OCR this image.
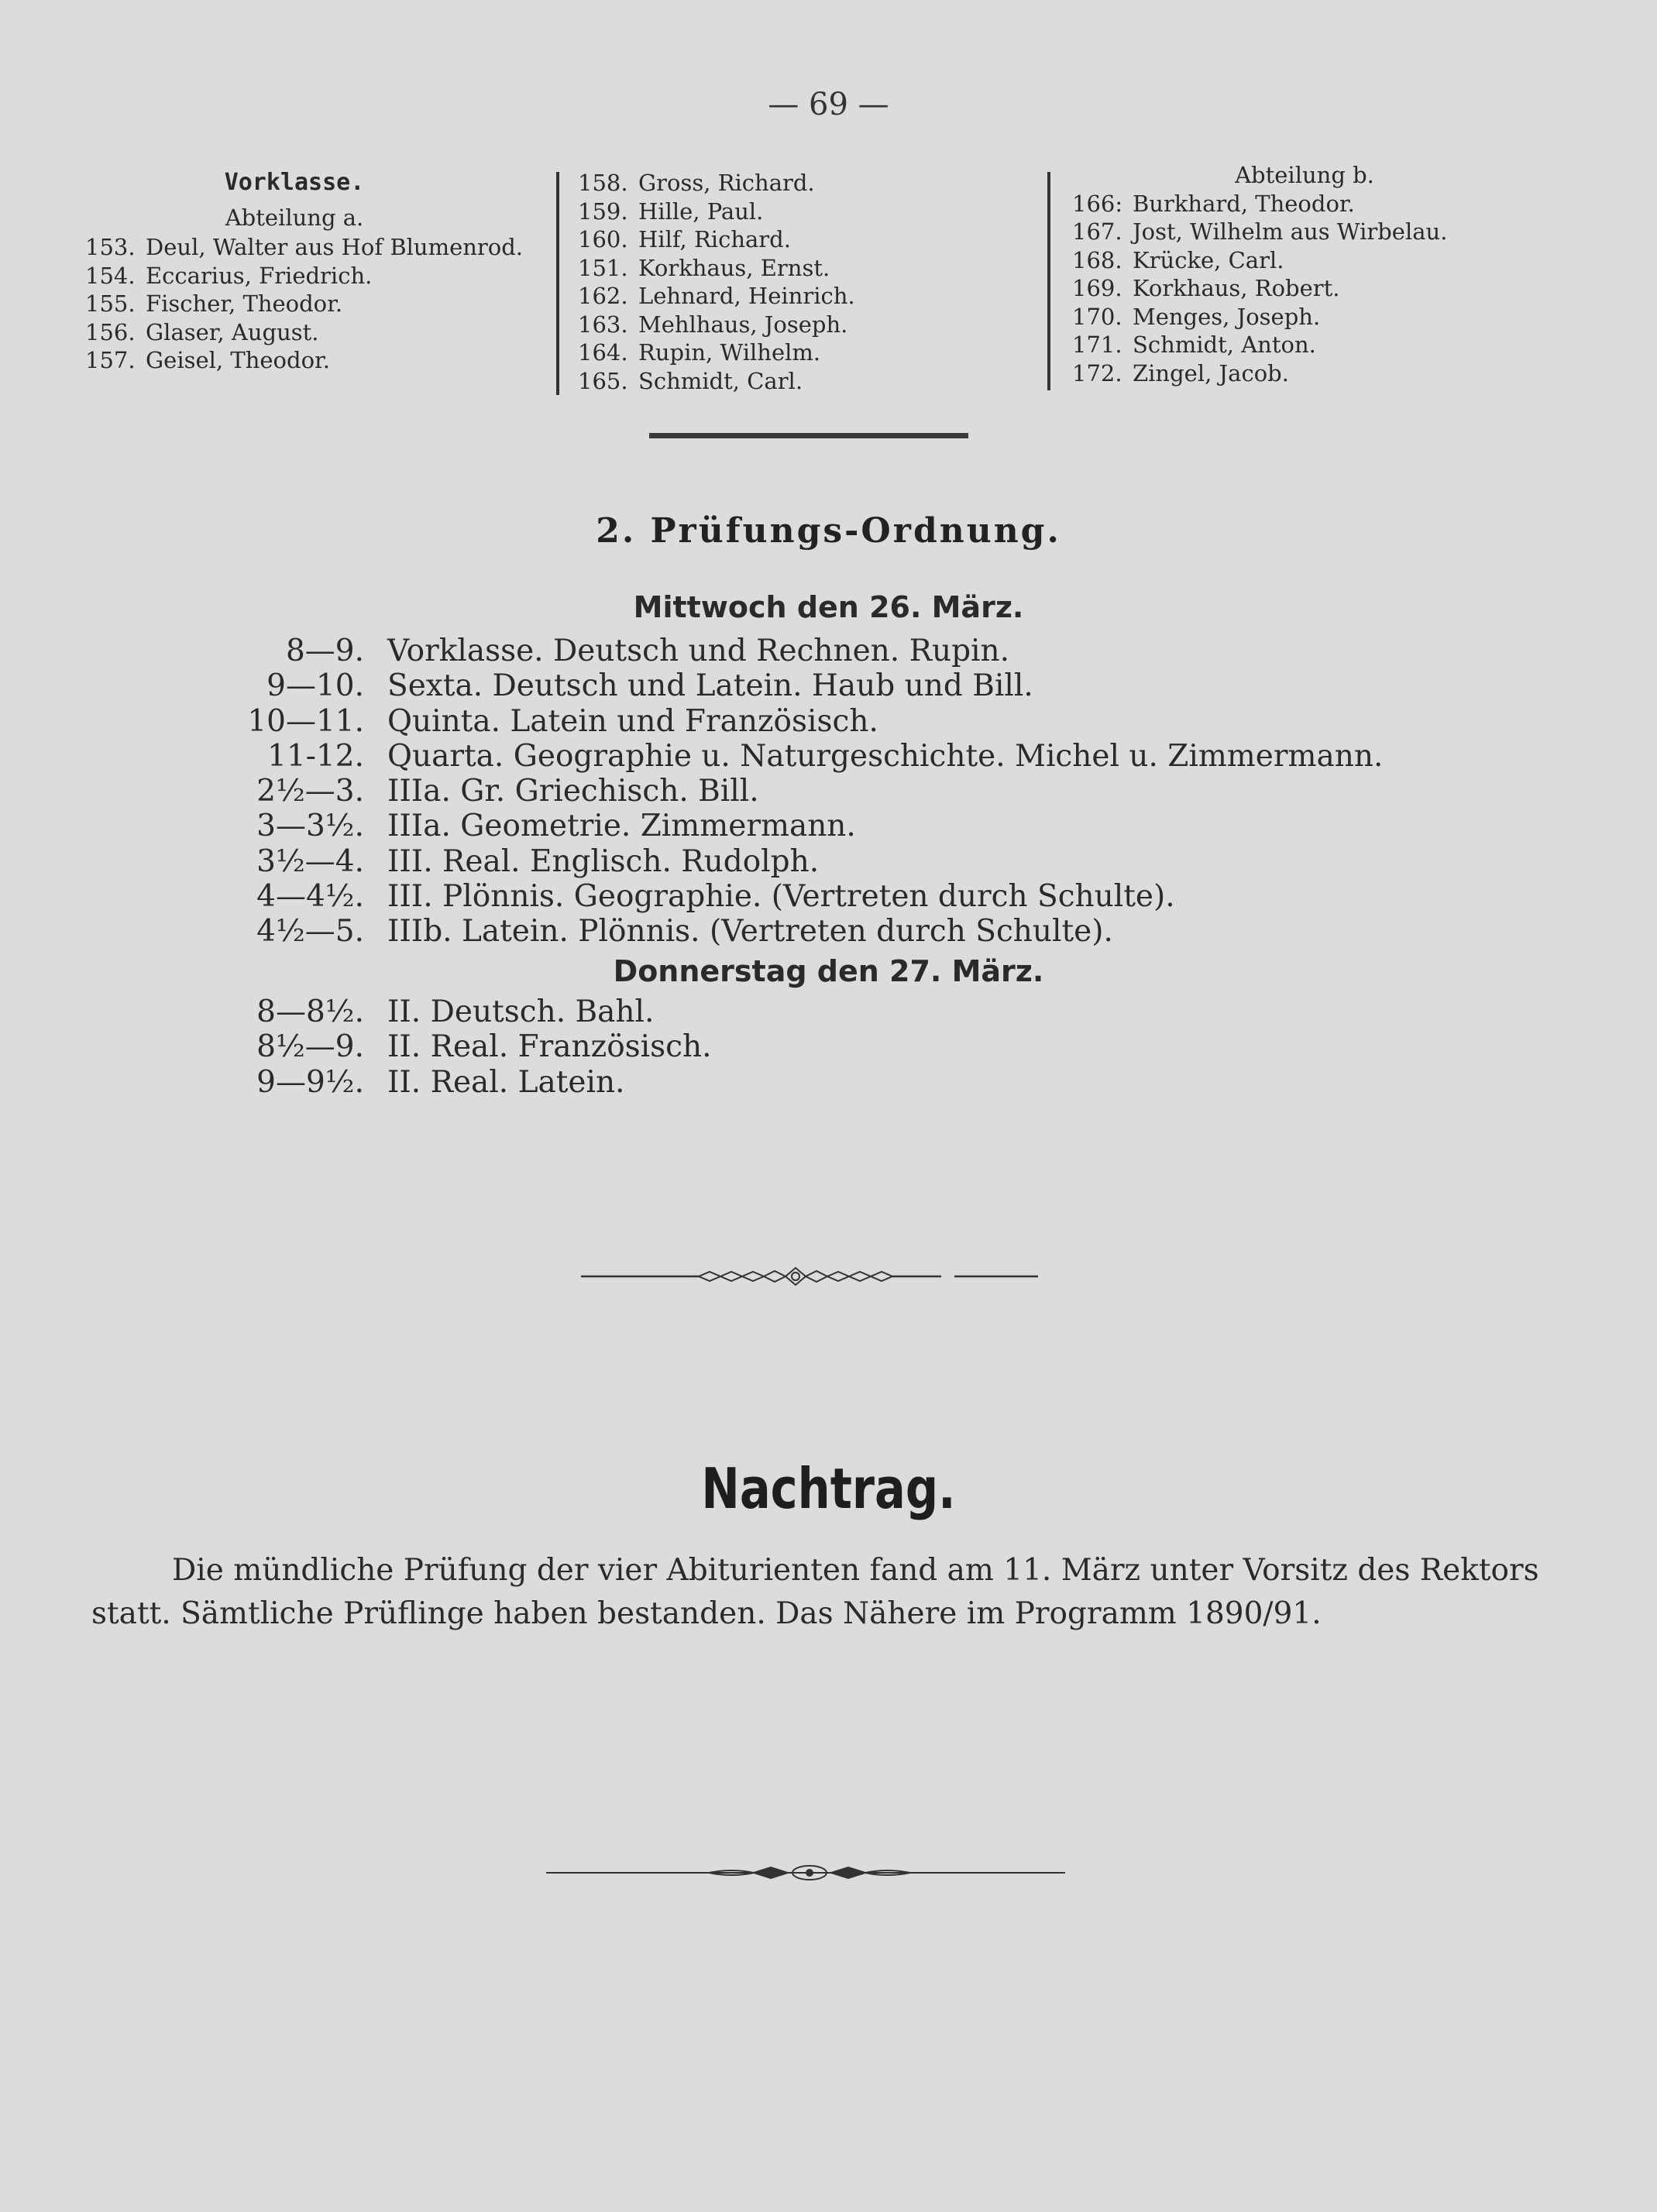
— 69 —
Vorklasse.
Abteilung a.
153. Deul, Walter aus Hof Blumenrod.
154. Eccarius, Friedrich.
155. Fischer, Theodor.
156. Glaser, August.
157. Geisel, Theodor.
158. Gross, Richard.
159. Hille, Paul.
160. Hilf, Richard.
151. Korkhaus, Ernst.
162. Lehnard, Heinrich.
163. Mehlhaus, Joseph.
164. Rupin, Wilhelm.
165. Schmidt, Carl.
Abteilung b.
166: Burkhard, Theodor.
167. Jost, Wilhelm aus Wirbelau.
168. Krücke, Carl.
169. Korkhaus, Robert.
170. Menges, Joseph.
171. Schmidt, Anton.
172. Zingel, Jacob.
2. Prüfungs-Ordnung.
Mittwoch den 26. März.
8—9. Vorklasse. Deutsch und Rechnen. Rupin.
9—10. Sexta. Deutsch und Latein. Haub und Bill.
10—11. Quinta. Latein und Französisch.
11-12. Quarta. Geographie u. Naturgeschichte. Michel u. Zimmermann.
2½—3. IIIa. Gr. Griechisch. Bill.
3—3½. IIIa. Geometrie. Zimmermann.
3½—4. III. Real. Englisch. Rudolph.
4—4½. III. Plönnis. Geographie. (Vertreten durch Schulte).
4½—5. IIIb. Latein. Plönnis. (Vertreten durch Schulte).
Donnerstag den 27. März.
8—8½. II. Deutsch. Bahl.
8½—9. II. Real. Französisch.
9—9½. II. Real. Latein.
Nachtrag.
Die mündliche Prüfung der vier Abiturienten fand am 11. März unter Vorsitz des Rektors
statt. Sämtliche Prüflinge haben bestanden. Das Nähere im Programm 1890/91.
